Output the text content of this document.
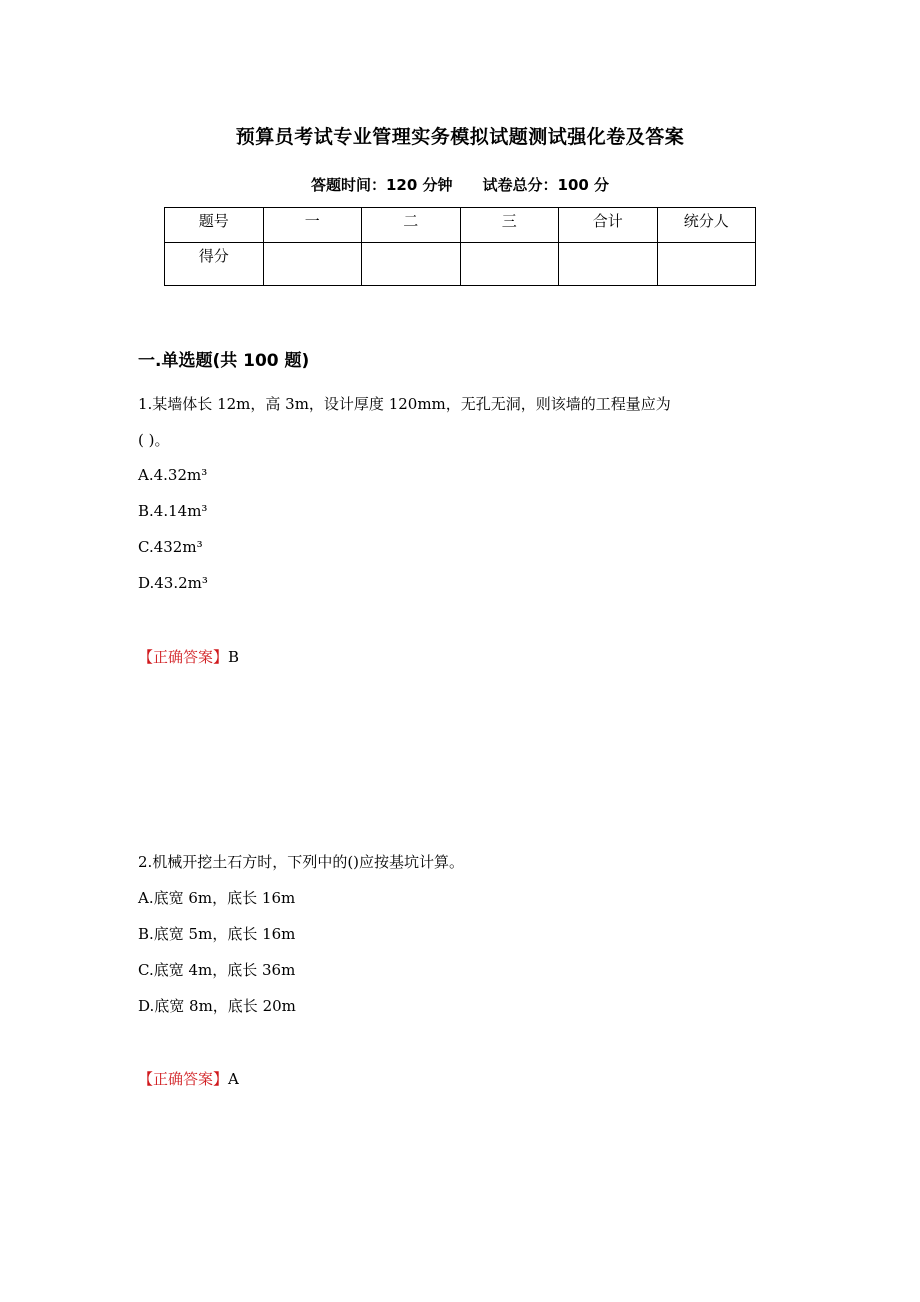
预算员考试专业管理实务模拟试题测试强化卷及答案
答题时间：120 分钟 试卷总分：100 分
题号	一	二	三	合计	统分人
得分					
一.单选题(共 100 题)
1.某墙体长 12m，高 3m，设计厚度 120mm，无孔无洞，则该墙的工程量应为
( )。
A.4.32m³
B.4.14m³
C.432m³
D.43.2m³
【正确答案】B
2.机械开挖土石方时，下列中的()应按基坑计算。
A.底宽 6m，底长 16m
B.底宽 5m，底长 16m
C.底宽 4m，底长 36m
D.底宽 8m，底长 20m
【正确答案】A
